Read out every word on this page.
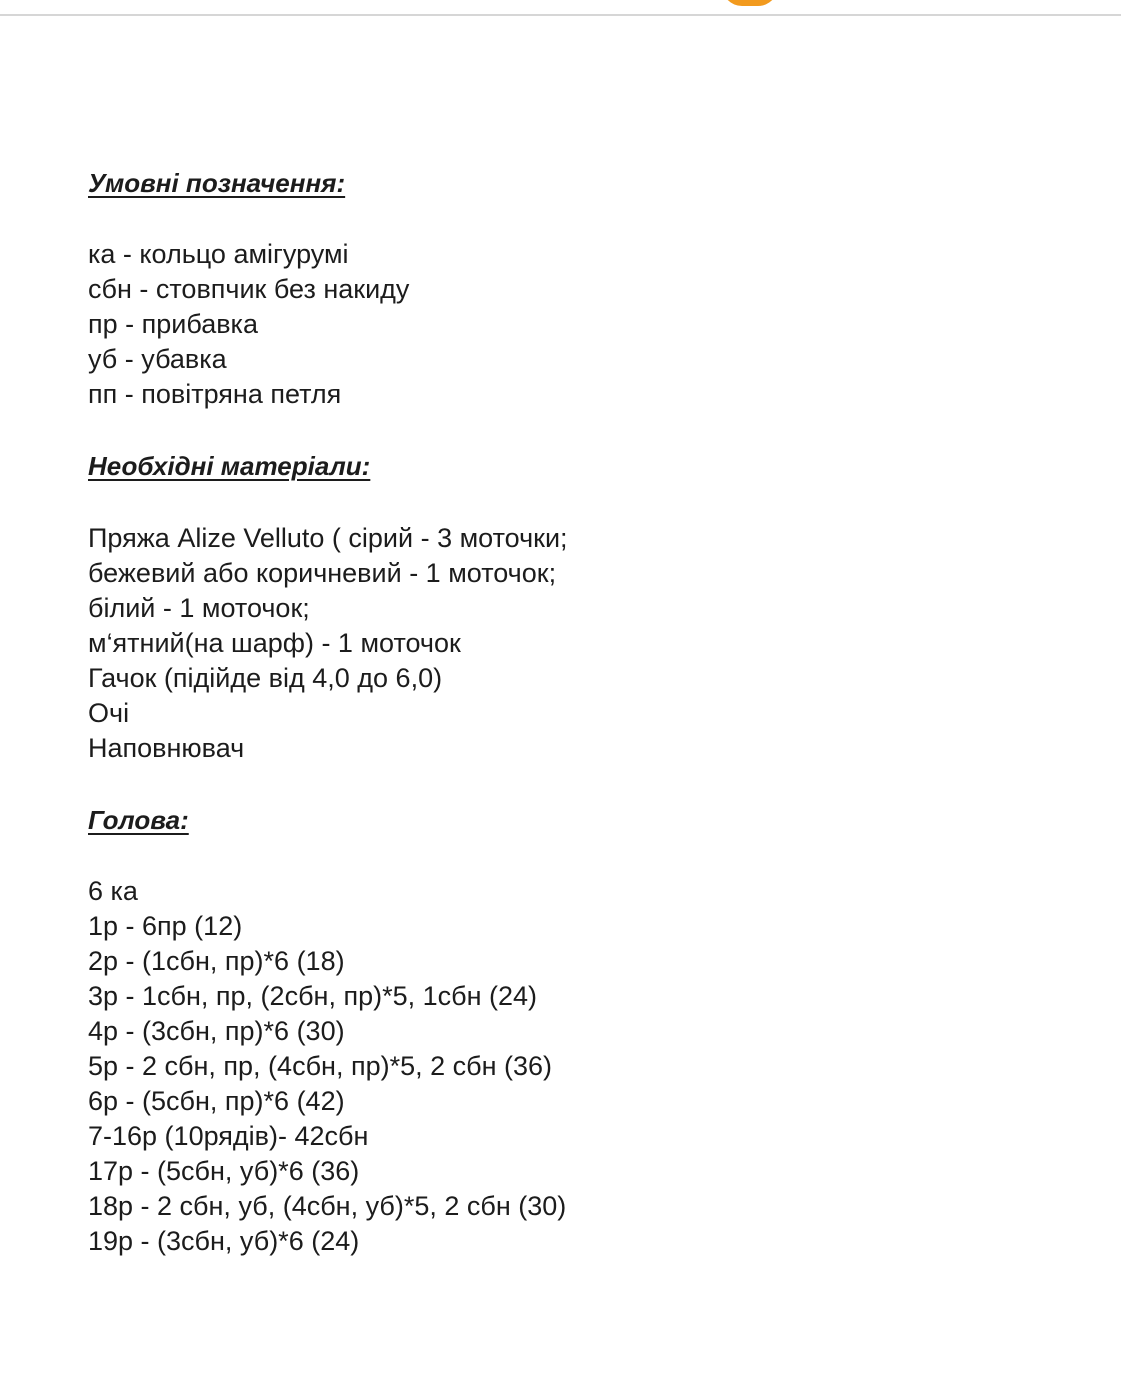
Умовні позначення:
ка - кольцо амігурумі
сбн - стовпчик без накиду
пр - прибавка
уб - убавка
пп - повітряна петля
Необхідні матеріали:
Пряжа Alize Velluto ( сірий - 3 моточки;
бежевий або коричневий - 1 моточок;
білий - 1 моточок;
м‘ятний(на шарф) - 1 моточок
Гачок (підійде від 4,0 до 6,0)
Очі
Наповнювач
Голова:
6 ка
1р - 6пр (12)
2р - (1сбн, пр)*6 (18)
3р - 1сбн, пр, (2сбн, пр)*5, 1сбн (24)
4р - (3сбн, пр)*6 (30)
5р - 2 сбн, пр, (4сбн, пр)*5, 2 сбн (36)
6р - (5сбн, пр)*6 (42)
7-16р (10рядів)- 42сбн
17р - (5сбн, уб)*6 (36)
18р - 2 сбн, уб, (4сбн, уб)*5, 2 сбн (30)
19р - (3сбн, уб)*6 (24)
